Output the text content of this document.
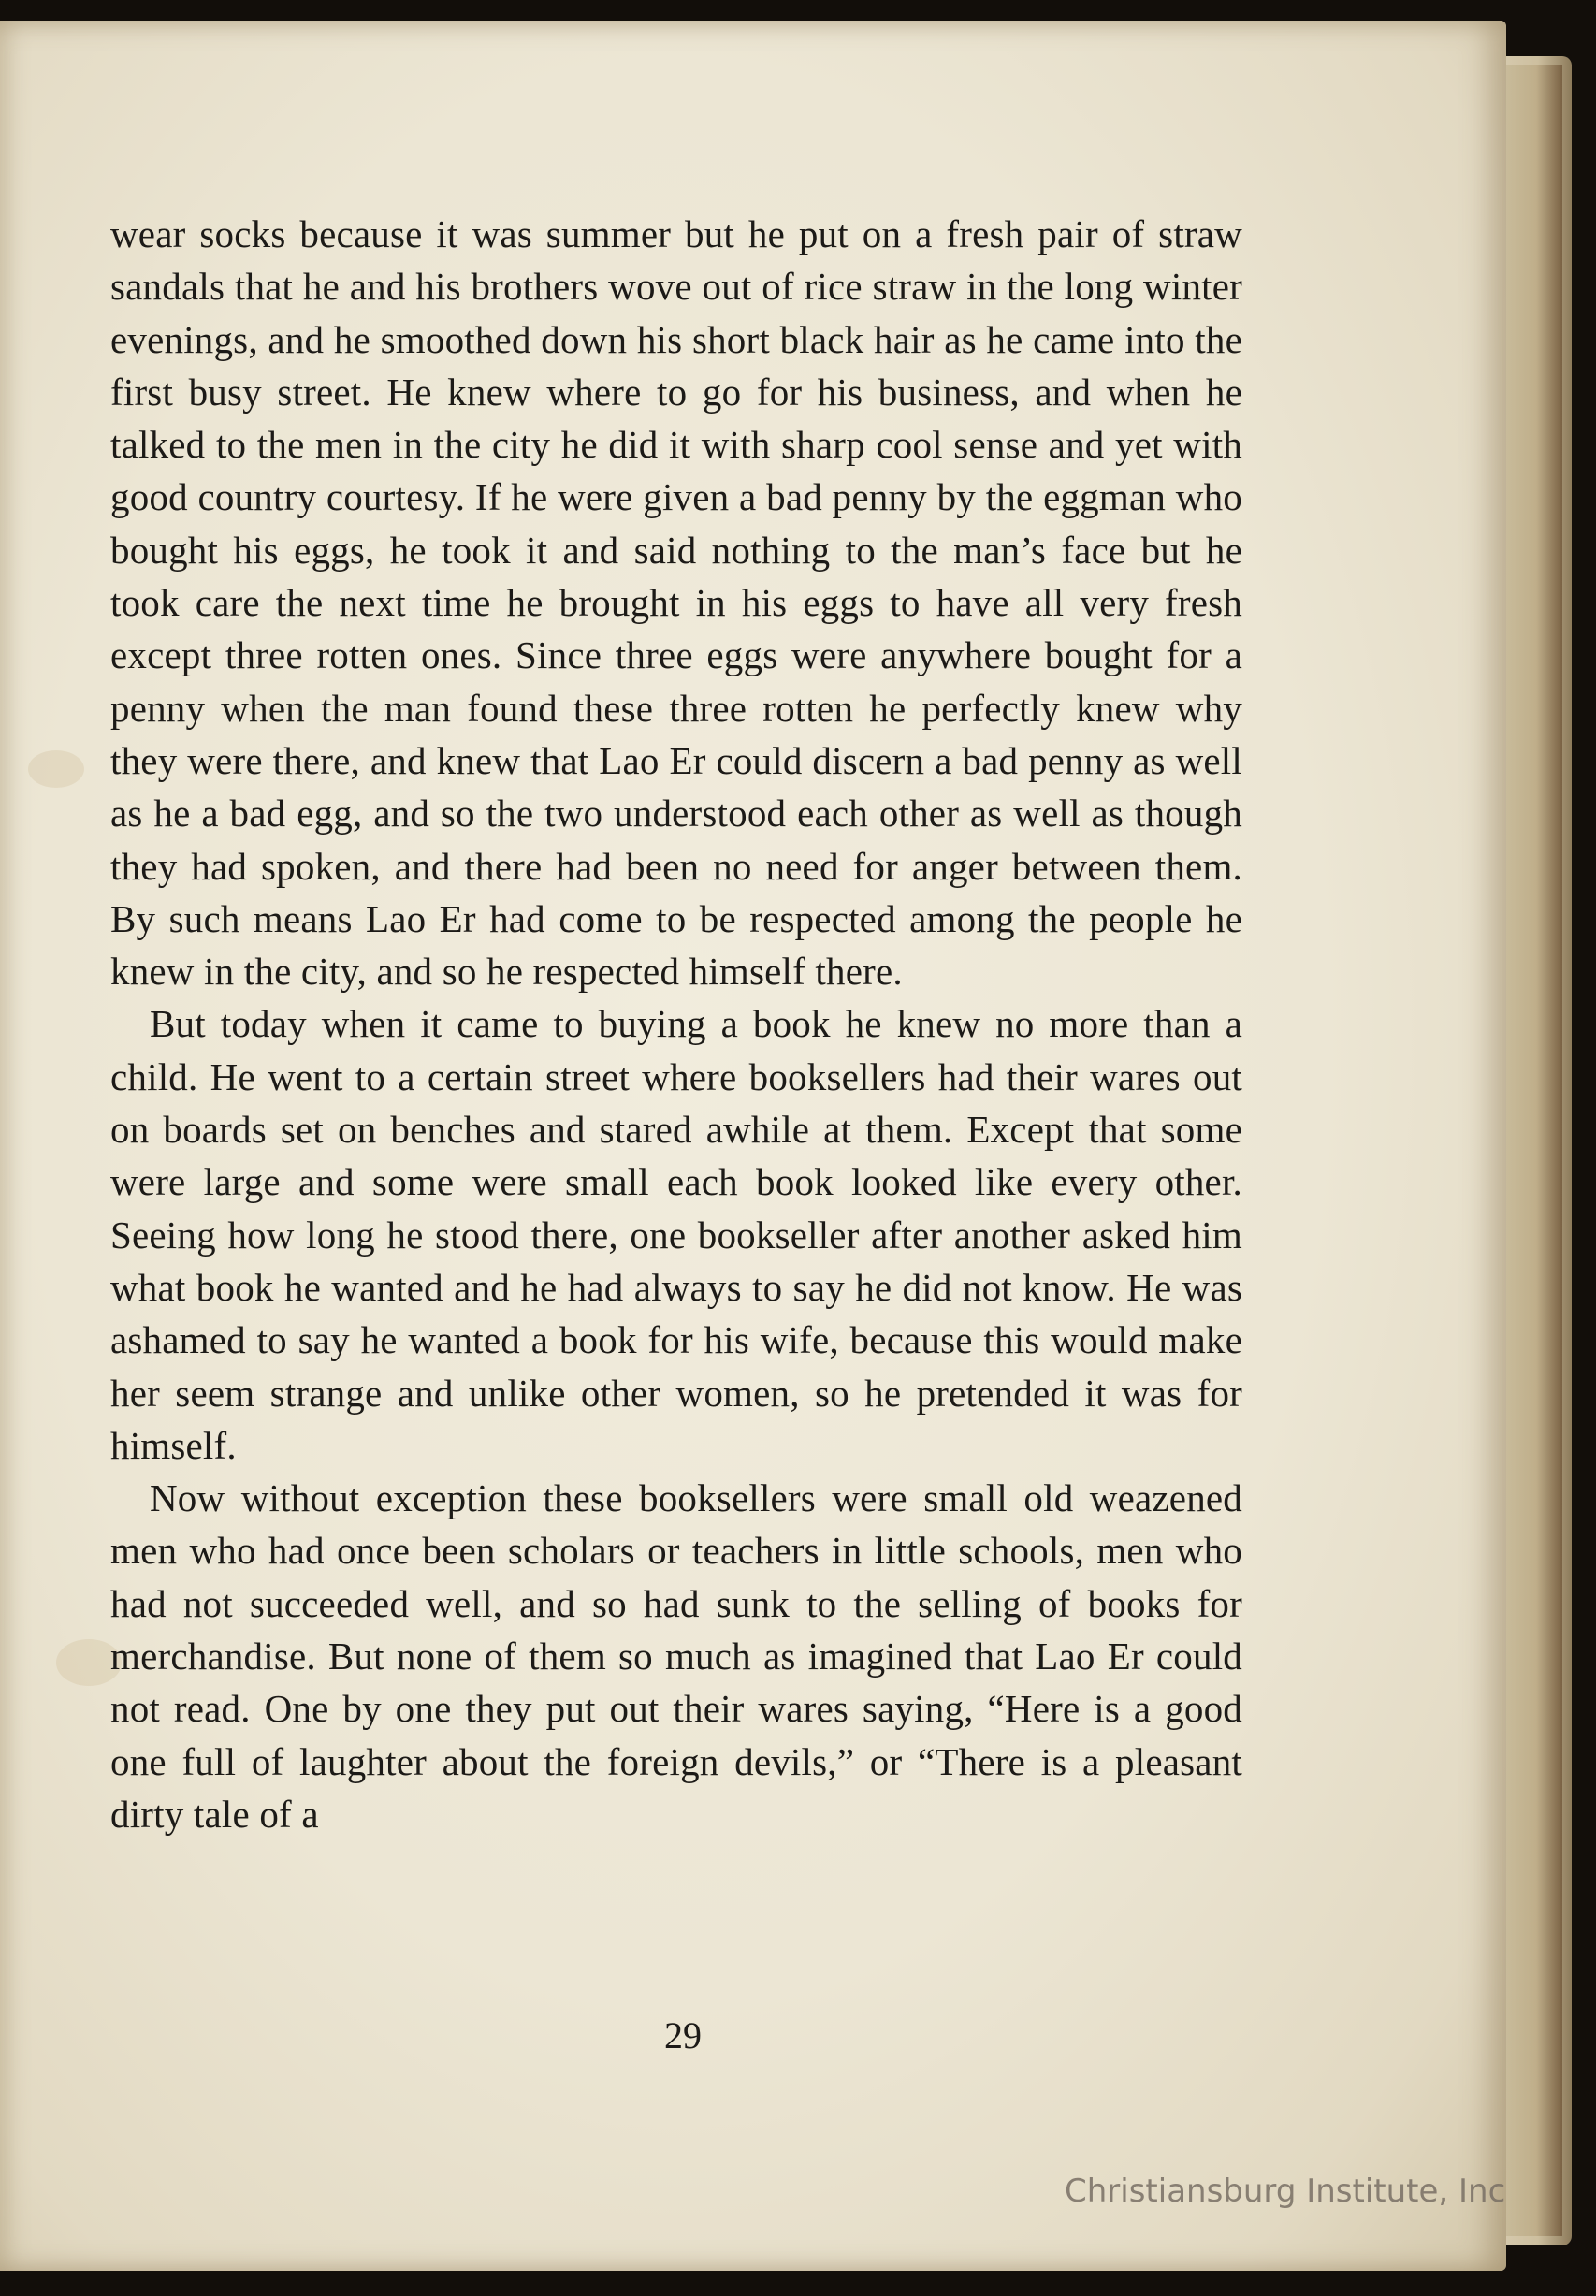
wear socks because it was summer but he put on a fresh pair of straw sandals that he and his brothers wove out of rice straw in the long winter evenings, and he smoothed down his short black hair as he came into the first busy street. He knew where to go for his business, and when he talked to the men in the city he did it with sharp cool sense and yet with good country courtesy. If he were given a bad penny by the eggman who bought his eggs, he took it and said nothing to the man’s face but he took care the next time he brought in his eggs to have all very fresh except three rotten ones. Since three eggs were anywhere bought for a penny when the man found these three rotten he perfectly knew why they were there, and knew that Lao Er could discern a bad penny as well as he a bad egg, and so the two understood each other as well as though they had spoken, and there had been no need for anger between them. By such means Lao Er had come to be respected among the people he knew in the city, and so he respected himself there.

But today when it came to buying a book he knew no more than a child. He went to a certain street where booksellers had their wares out on boards set on benches and stared awhile at them. Except that some were large and some were small each book looked like every other. Seeing how long he stood there, one bookseller after another asked him what book he wanted and he had always to say he did not know. He was ashamed to say he wanted a book for his wife, because this would make her seem strange and unlike other women, so he pretended it was for himself.

Now without exception these booksellers were small old weazened men who had once been scholars or teachers in little schools, men who had not succeeded well, and so had sunk to the selling of books for merchandise. But none of them so much as imagined that Lao Er could not read. One by one they put out their wares saying, “Here is a good one full of laughter about the foreign devils,” or “There is a pleasant dirty tale of a

29
Christiansburg Institute, Inc
